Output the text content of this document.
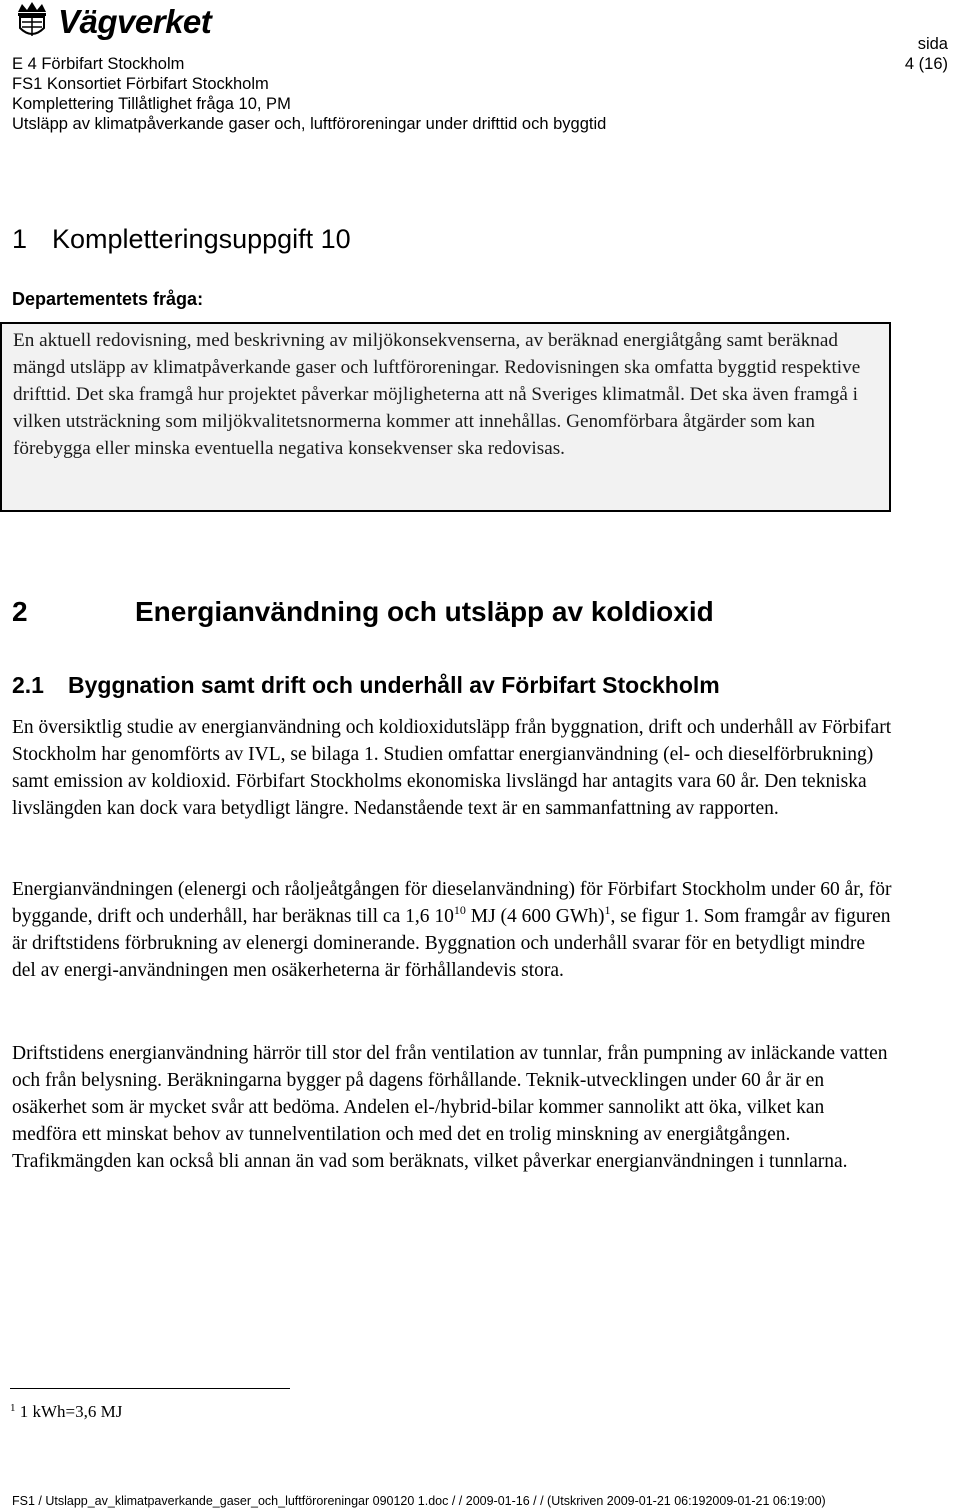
Vägverket
E 4 Förbifart Stockholm
FS1 Konsortiet Förbifart Stockholm
Komplettering Tillåtlighet fråga 10, PM
Utsläpp av klimatpåverkande gaser och, luftföroreningar under drifttid och byggtid
sida
4 (16)
1 Kompletteringsuppgift 10
Departementets fråga:
En aktuell redovisning, med beskrivning av miljökonsekvenserna, av beräknad energiåtgång samt beräknad mängd utsläpp av klimatpåverkande gaser och luftföroreningar. Redovisningen ska omfatta byggtid respektive drifttid. Det ska framgå hur projektet påverkar möjligheterna att nå Sveriges klimatmål. Det ska även framgå i vilken utsträckning som miljökvalitetsnormerna kommer att innehållas. Genomförbara åtgärder som kan förebygga eller minska eventuella negativa konsekvenser ska redovisas.
2	Energianvändning och utsläpp av koldioxid
2.1 Byggnation samt drift och underhåll av Förbifart Stockholm

En översiktlig studie av energianvändning och koldioxidutsläpp från byggnation, drift och underhåll av Förbifart Stockholm har genomförts av IVL, se bilaga 1. Studien omfattar energianvändning (el- och dieselförbrukning) samt emission av koldioxid. Förbifart Stockholms ekonomiska livslängd har antagits vara 60 år. Den tekniska livslängden kan dock vara betydligt längre. Nedanstående text är en sammanfattning av rapporten.

Energianvändningen (elenergi och råoljeåtgången för dieselanvändning) för Förbifart Stockholm under 60 år, för byggande, drift och underhåll, har beräknas till ca 1,6 $10^{10}$ MJ (4 600 GWh)$^1$, se figur 1. Som framgår av figuren är driftstidens förbrukning av elenergi dominerande. Byggnation och underhåll svarar för en betydligt mindre del av energi-användningen men osäkerheterna är förhållandevis stora.

Driftstidens energianvändning härrör till stor del från ventilation av tunnlar, från pumpning av inläckande vatten och från belysning. Beräkningarna bygger på dagens förhållande. Teknik-utvecklingen under 60 år är en osäkerhet som är mycket svår att bedöma. Andelen el-/hybrid-bilar kommer sannolikt att öka, vilket kan medföra ett minskat behov av tunnelventilation och med det en trolig minskning av energiåtgången. Trafikmängden kan också bli annan än vad som beräknats, vilket påverkar energianvändningen i tunnlarna.

$^1$ 1 kWh=3,6 MJ
FS1 / Utslapp_av_klimatpaverkande_gaser_och_luftföroreningar 090120 1.doc / / 2009-01-16 / / (Utskriven 2009-01-21 06:192009-01-21 06:19:00)
